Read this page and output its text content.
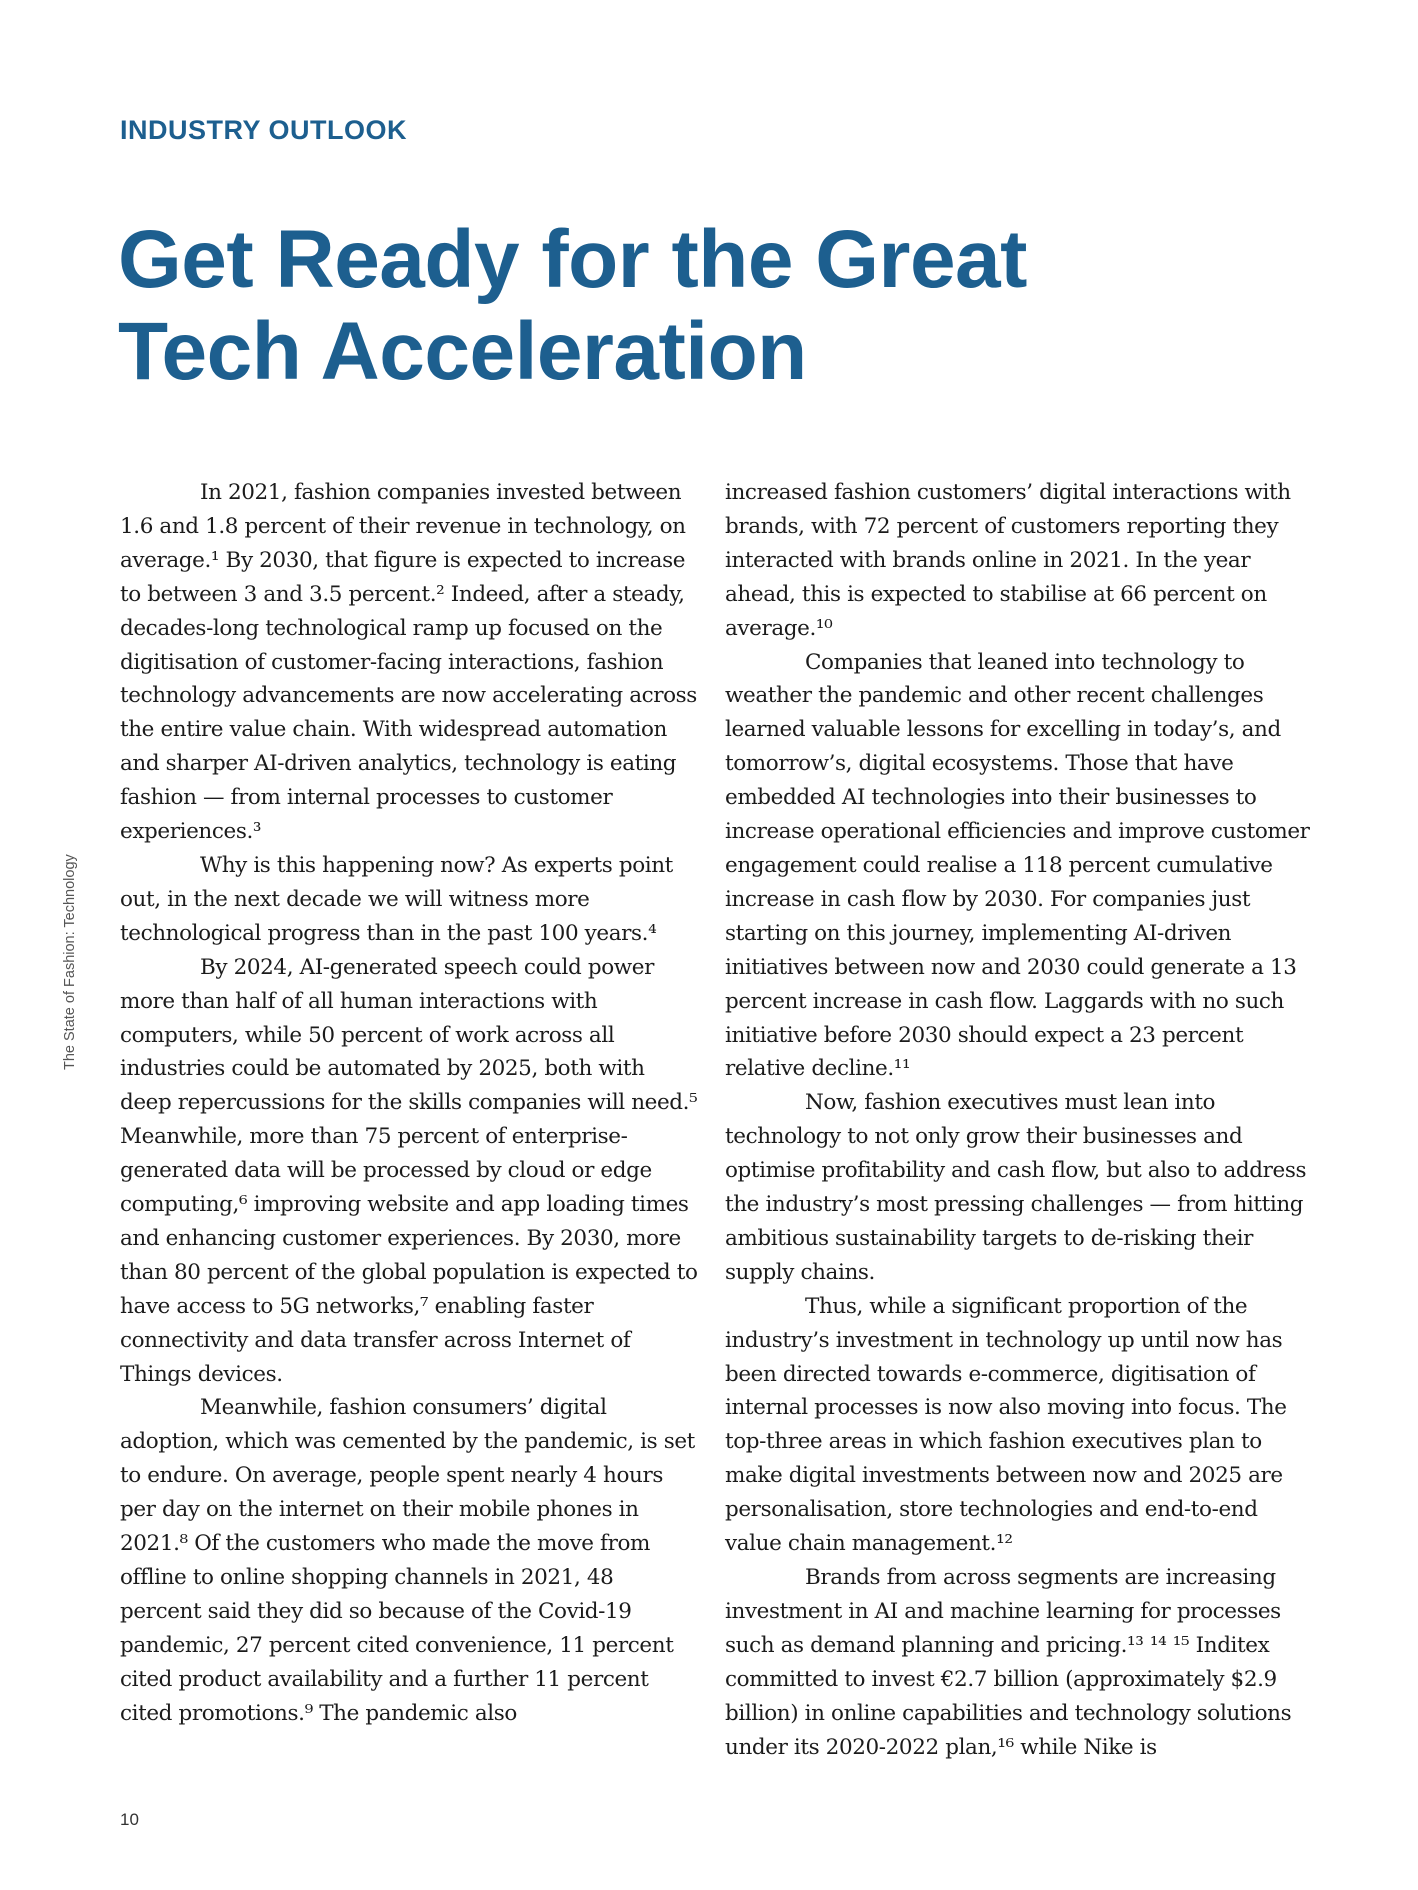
INDUSTRY OUTLOOK
Get Ready for the Great Tech Acceleration
The State of Fashion: Technology

In 2021, fashion companies invested between 1.6 and 1.8 percent of their revenue in technology, on average.¹ By 2030, that figure is expected to increase to between 3 and 3.5 percent.² Indeed, after a steady, decades-long technological ramp up focused on the digitisation of customer-facing interactions, fashion technology advancements are now accelerating across the entire value chain. With widespread automation and sharper AI-driven analytics, technology is eating fashion — from internal processes to customer experiences.³

Why is this happening now? As experts point out, in the next decade we will witness more technological progress than in the past 100 years.⁴

By 2024, AI-generated speech could power more than half of all human interactions with computers, while 50 percent of work across all industries could be automated by 2025, both with deep repercussions for the skills companies will need.⁵ Meanwhile, more than 75 percent of enterprise-generated data will be processed by cloud or edge computing,⁶ improving website and app loading times and enhancing customer experiences. By 2030, more than 80 percent of the global population is expected to have access to 5G networks,⁷ enabling faster connectivity and data transfer across Internet of Things devices.

Meanwhile, fashion consumers’ digital adoption, which was cemented by the pandemic, is set to endure. On average, people spent nearly 4 hours per day on the internet on their mobile phones in 2021.⁸ Of the customers who made the move from offline to online shopping channels in 2021, 48 percent said they did so because of the Covid-19 pandemic, 27 percent cited convenience, 11 percent cited product availability and a further 11 percent cited promotions.⁹ The pandemic also

increased fashion customers’ digital interactions with brands, with 72 percent of customers reporting they interacted with brands online in 2021. In the year ahead, this is expected to stabilise at 66 percent on average.¹⁰

Companies that leaned into technology to weather the pandemic and other recent challenges learned valuable lessons for excelling in today’s, and tomorrow’s, digital ecosystems. Those that have embedded AI technologies into their businesses to increase operational efficiencies and improve customer engagement could realise a 118 percent cumulative increase in cash flow by 2030. For companies just starting on this journey, implementing AI-driven initiatives between now and 2030 could generate a 13 percent increase in cash flow. Laggards with no such initiative before 2030 should expect a 23 percent relative decline.¹¹

Now, fashion executives must lean into technology to not only grow their businesses and optimise profitability and cash flow, but also to address the industry’s most pressing challenges — from hitting ambitious sustainability targets to de-risking their supply chains.

Thus, while a significant proportion of the industry’s investment in technology up until now has been directed towards e-commerce, digitisation of internal processes is now also moving into focus. The top-three areas in which fashion executives plan to make digital investments between now and 2025 are personalisation, store technologies and end-to-end value chain management.¹²

Brands from across segments are increasing investment in AI and machine learning for processes such as demand planning and pricing.¹³ ¹⁴ ¹⁵ Inditex committed to invest €2.7 billion (approximately $2.9 billion) in online capabilities and technology solutions under its 2020-2022 plan,¹⁶ while Nike is

10
